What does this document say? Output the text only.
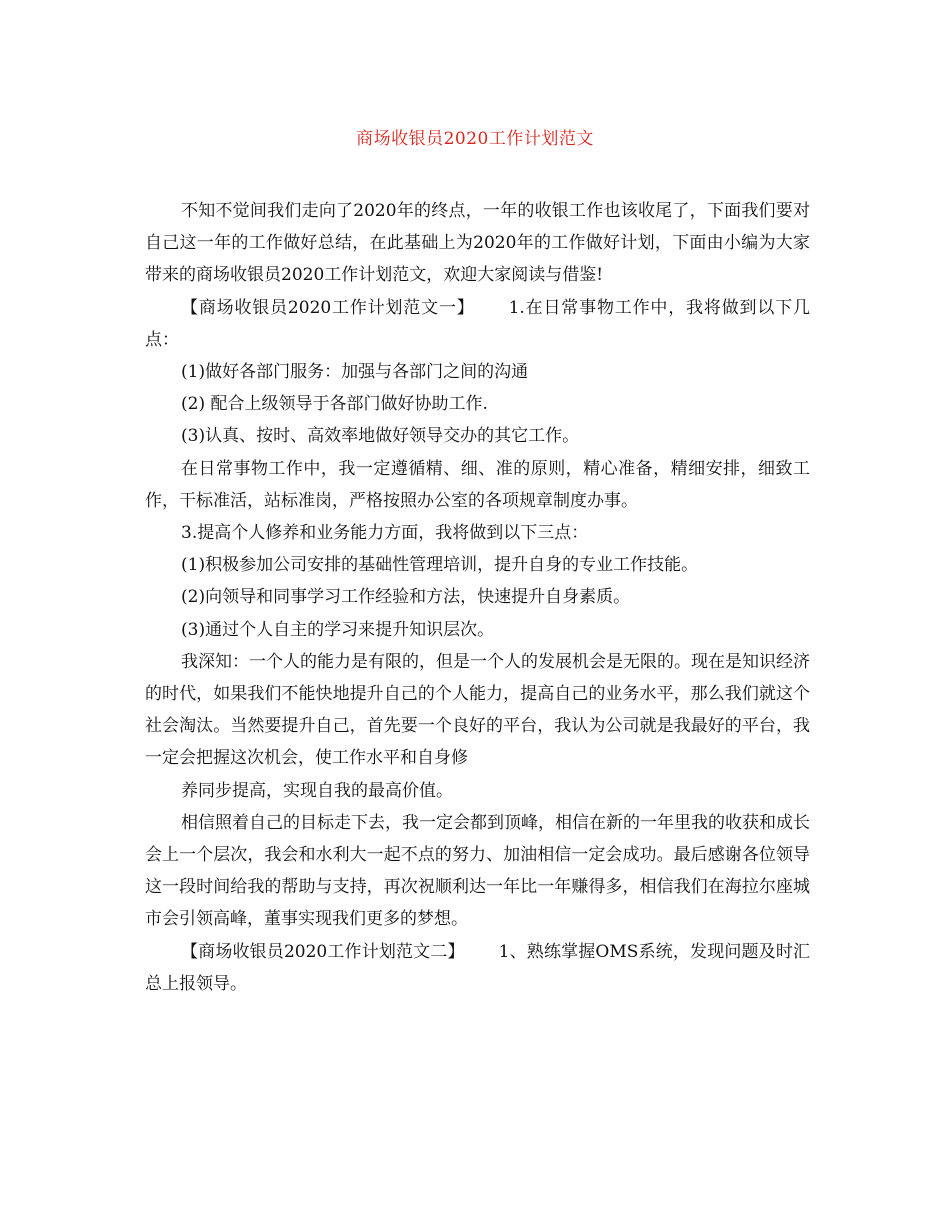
商场收银员2020工作计划范文

不知不觉间我们走向了2020年的终点，一年的收银工作也该收尾了，下面我们要对自己这一年的工作做好总结，在此基础上为2020年的工作做好计划，下面由小编为大家带来的商场收银员2020工作计划范文，欢迎大家阅读与借鉴!

【商场收银员2020工作计划范文一】 1.在日常事物工作中，我将做到以下几点：

(1)做好各部门服务：加强与各部门之间的沟通

(2) 配合上级领导于各部门做好协助工作.

(3)认真、按时、高效率地做好领导交办的其它工作。

在日常事物工作中，我一定遵循精、细、准的原则，精心准备，精细安排，细致工作，干标准活，站标准岗，严格按照办公室的各项规章制度办事。

3.提高个人修养和业务能力方面，我将做到以下三点：

(1)积极参加公司安排的基础性管理培训，提升自身的专业工作技能。

(2)向领导和同事学习工作经验和方法，快速提升自身素质。

(3)通过个人自主的学习来提升知识层次。

我深知：一个人的能力是有限的，但是一个人的发展机会是无限的。现在是知识经济的时代，如果我们不能快地提升自己的个人能力，提高自己的业务水平，那么我们就这个社会淘汰。当然要提升自己，首先要一个良好的平台，我认为公司就是我最好的平台，我一定会把握这次机会，使工作水平和自身修

养同步提高，实现自我的最高价值。

相信照着自己的目标走下去，我一定会都到顶峰，相信在新的一年里我的收获和成长会上一个层次，我会和水利大一起不点的努力、加油相信一定会成功。最后感谢各位领导这一段时间给我的帮助与支持，再次祝顺利达一年比一年赚得多，相信我们在海拉尔座城市会引领高峰，董事实现我们更多的梦想。

【商场收银员2020工作计划范文二】 1、熟练掌握OMS系统，发现问题及时汇总上报领导。
